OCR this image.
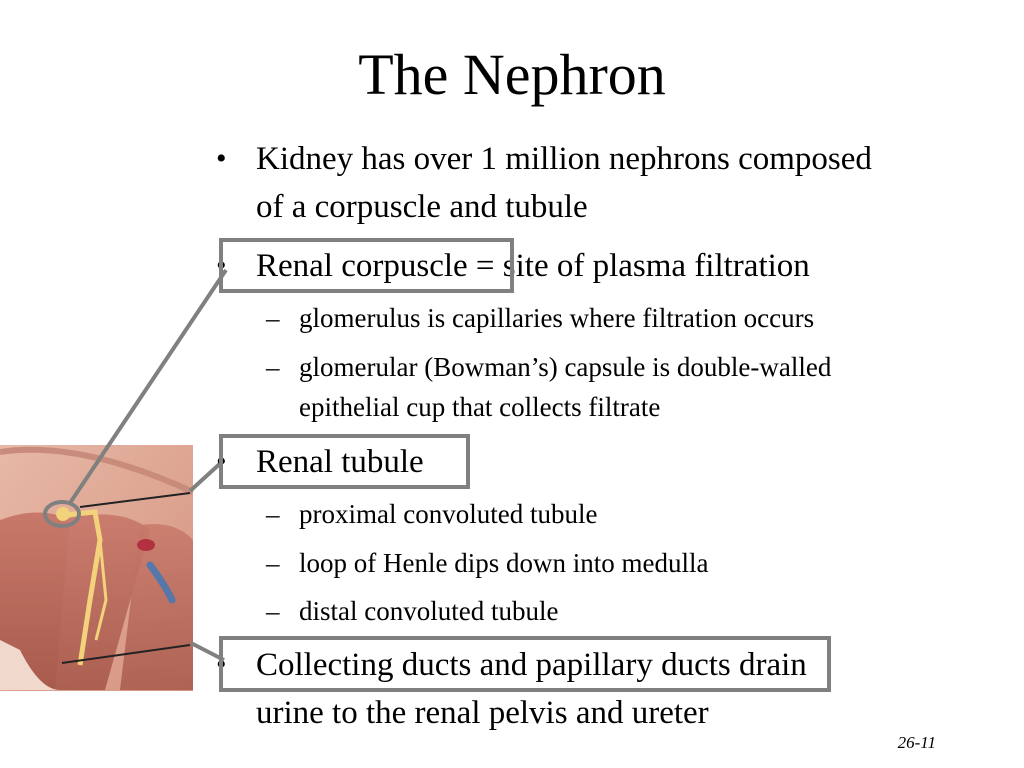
The Nephron
• Kidney has over 1 million nephrons composed
of a corpuscle and tubule
• Renal corpuscle = site of plasma filtration
– glomerulus is capillaries where filtration occurs
– glomerular (Bowman’s) capsule is double-walled
epithelial cup that collects filtrate
• Renal tubule
– proximal convoluted tubule
– loop of Henle dips down into medulla
– distal convoluted tubule
• Collecting ducts and papillary ducts drain
urine to the renal pelvis and ureter
26-11
